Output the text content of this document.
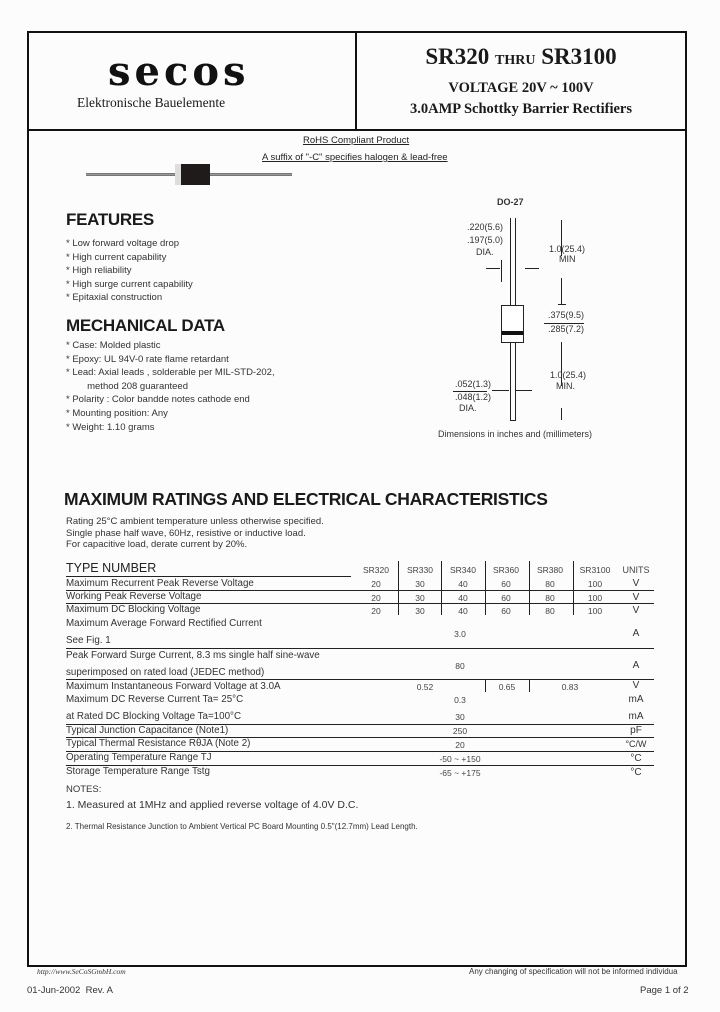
secos
Elektronische Bauelemente
SR320 THRU SR3100
VOLTAGE 20V ~ 100V
3.0AMP Schottky Barrier Rectifiers
RoHS Compliant Product
A suffix of "-C" specifies halogen & lead-free
FEATURES
* Low forward voltage drop
* High current capability
* High reliability
* High surge current capability
* Epitaxial construction
MECHANICAL DATA
* Case: Molded plastic
* Epoxy: UL 94V-0 rate flame retardant
* Lead: Axial leads , solderable per MIL-STD-202,
method 208 guaranteed
* Polarity : Color bandde notes cathode end
* Mounting position: Any
* Weight: 1.10 grams
DO-27
.220(5.6)
.197(5.0)
DIA.	1.0(25.4)
MIN
.375(9.5)
.285(7.2)
1.0(25.4)
MIN.
.052(1.3)
.048(1.2)
DIA.
Dimensions in inches and (millimeters)
MAXIMUM RATINGS AND ELECTRICAL CHARACTERISTICS
Rating 25°C ambient temperature unless otherwise specified.
Single phase half wave, 60Hz, resistive or inductive load.
For capacitive load, derate current by 20%.
TYPE NUMBER	SR320	SR330	SR340	SR360	SR380	SR3100	UNITS
Maximum Recurrent Peak Reverse Voltage	20	30	40	60	80	100	V
Working Peak Reverse Voltage	20	30	40	60	80	100	V
Maximum DC Blocking Voltage	20	30	40	60	80	100	V
Maximum Average Forward Rectified Current
See Fig. 1
3.0	A
Peak Forward Surge Current, 8.3 ms single half sine-wave
superimposed on rated load (JEDEC method)
80	A
Maximum Instantaneous Forward Voltage at 3.0A	0.52	0.65	0.83	V
Maximum DC Reverse Current Ta= 25°C	0.3	mA
at Rated DC Blocking Voltage Ta=100°C	30	mA
Typical Junction Capacitance (Note1)	250	pF
Typical Thermal Resistance RθJA (Note 2)	20	°C/W
Operating Temperature Range TJ	-50 ~ +150	°C
Storage Temperature Range Tstg	-65 ~ +175	°C
NOTES:
1. Measured at 1MHz and applied reverse voltage of 4.0V D.C.
2. Thermal Resistance Junction to Ambient Vertical PC Board Mounting 0.5"(12.7mm) Lead Length.
http://www.SeCoSGmbH.com	Any changing of specification will not be informed individua
01-Jun-2002  Rev. A	Page 1 of 2
